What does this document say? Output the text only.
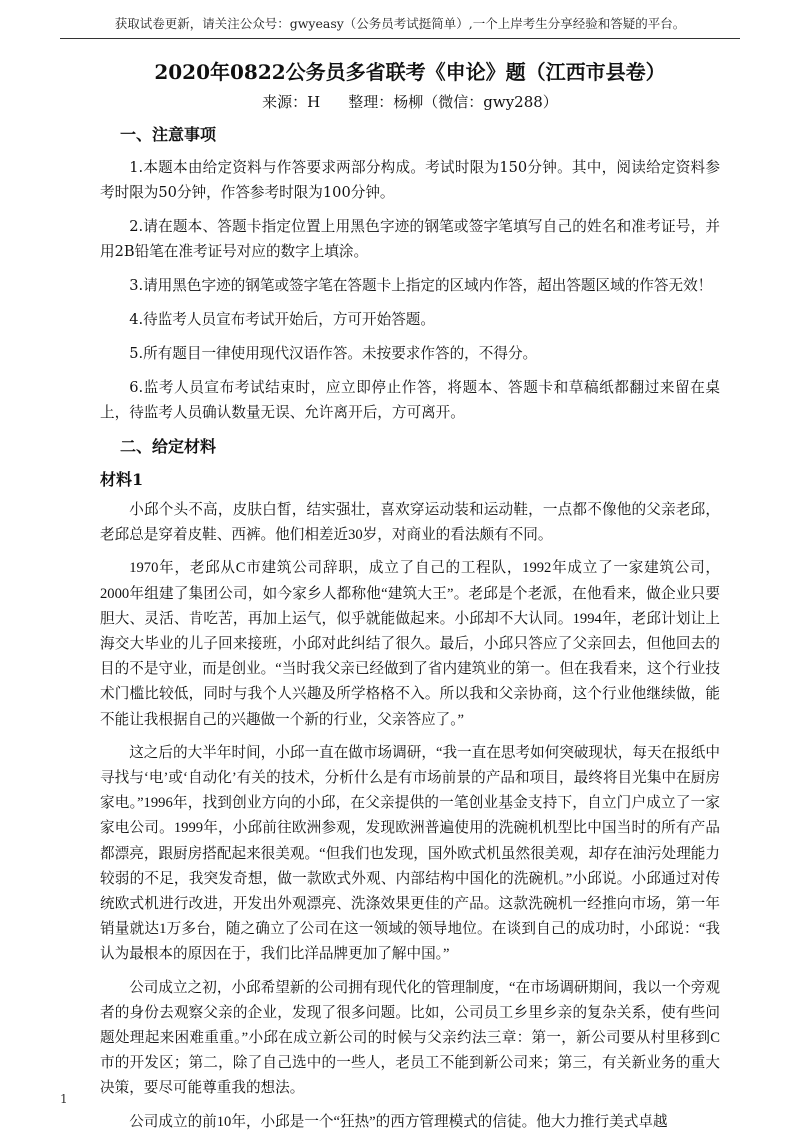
获取试卷更新，请关注公众号：gwyeasy（公务员考试挺简单）,一个上岸考生分享经验和答疑的平台。
2020年0822公务员多省联考《申论》题（江西市县卷）
来源：H 整理：杨柳（微信：gwy288）
一、注意事项

1.本题本由给定资料与作答要求两部分构成。考试时限为150分钟。其中，阅读给定资料参考时限为50分钟，作答参考时限为100分钟。

2.请在题本、答题卡指定位置上用黑色字迹的钢笔或签字笔填写自己的姓名和准考证号，并用2B铅笔在准考证号对应的数字上填涂。

3.请用黑色字迹的钢笔或签字笔在答题卡上指定的区域内作答，超出答题区域的作答无效！

4.待监考人员宣布考试开始后，方可开始答题。

5.所有题目一律使用现代汉语作答。未按要求作答的，不得分。

6.监考人员宣布考试结束时，应立即停止作答，将题本、答题卡和草稿纸都翻过来留在桌上，待监考人员确认数量无误、允许离开后，方可离开。

二、给定材料
材料1

小邱个头不高，皮肤白皙，结实强壮，喜欢穿运动装和运动鞋，一点都不像他的父亲老邱，老邱总是穿着皮鞋、西裤。他们相差近30岁，对商业的看法颇有不同。

1970年，老邱从C市建筑公司辞职，成立了自己的工程队，1992年成立了一家建筑公司，2000年组建了集团公司，如今家乡人都称他“建筑大王”。老邱是个老派，在他看来，做企业只要胆大、灵活、肯吃苦，再加上运气，似乎就能做起来。小邱却不大认同。1994年，老邱计划让上海交大毕业的儿子回来接班，小邱对此纠结了很久。最后，小邱只答应了父亲回去，但他回去的目的不是守业，而是创业。“当时我父亲已经做到了省内建筑业的第一。但在我看来，这个行业技术门槛比较低，同时与我个人兴趣及所学格格不入。所以我和父亲协商，这个行业他继续做，能不能让我根据自己的兴趣做一个新的行业，父亲答应了。”

这之后的大半年时间，小邱一直在做市场调研，“我一直在思考如何突破现状，每天在报纸中寻找与‘电’或‘自动化’有关的技术，分析什么是有市场前景的产品和项目，最终将目光集中在厨房家电。”1996年，找到创业方向的小邱，在父亲提供的一笔创业基金支持下，自立门户成立了一家家电公司。1999年，小邱前往欧洲参观，发现欧洲普遍使用的洗碗机机型比中国当时的所有产品都漂亮，跟厨房搭配起来很美观。“但我们也发现，国外欧式机虽然很美观，却存在油污处理能力较弱的不足，我突发奇想，做一款欧式外观、内部结构中国化的洗碗机。”小邱说。小邱通过对传统欧式机进行改进，开发出外观漂亮、洗涤效果更佳的产品。这款洗碗机一经推向市场，第一年销量就达1万多台，随之确立了公司在这一领域的领导地位。在谈到自己的成功时，小邱说：“我认为最根本的原因在于，我们比洋品牌更加了解中国。”

公司成立之初，小邱希望新的公司拥有现代化的管理制度，“在市场调研期间，我以一个旁观者的身份去观察父亲的企业，发现了很多问题。比如，公司员工乡里乡亲的复杂关系，使有些问题处理起来困难重重。”小邱在成立新公司的时候与父亲约法三章：第一，新公司要从村里移到C市的开发区；第二，除了自己选中的一些人，老员工不能到新公司来；第三，有关新业务的重大决策，要尽可能尊重我的想法。

公司成立的前10年，小邱是一个“狂热”的西方管理模式的信徒。他大力推行美式卓越

1
